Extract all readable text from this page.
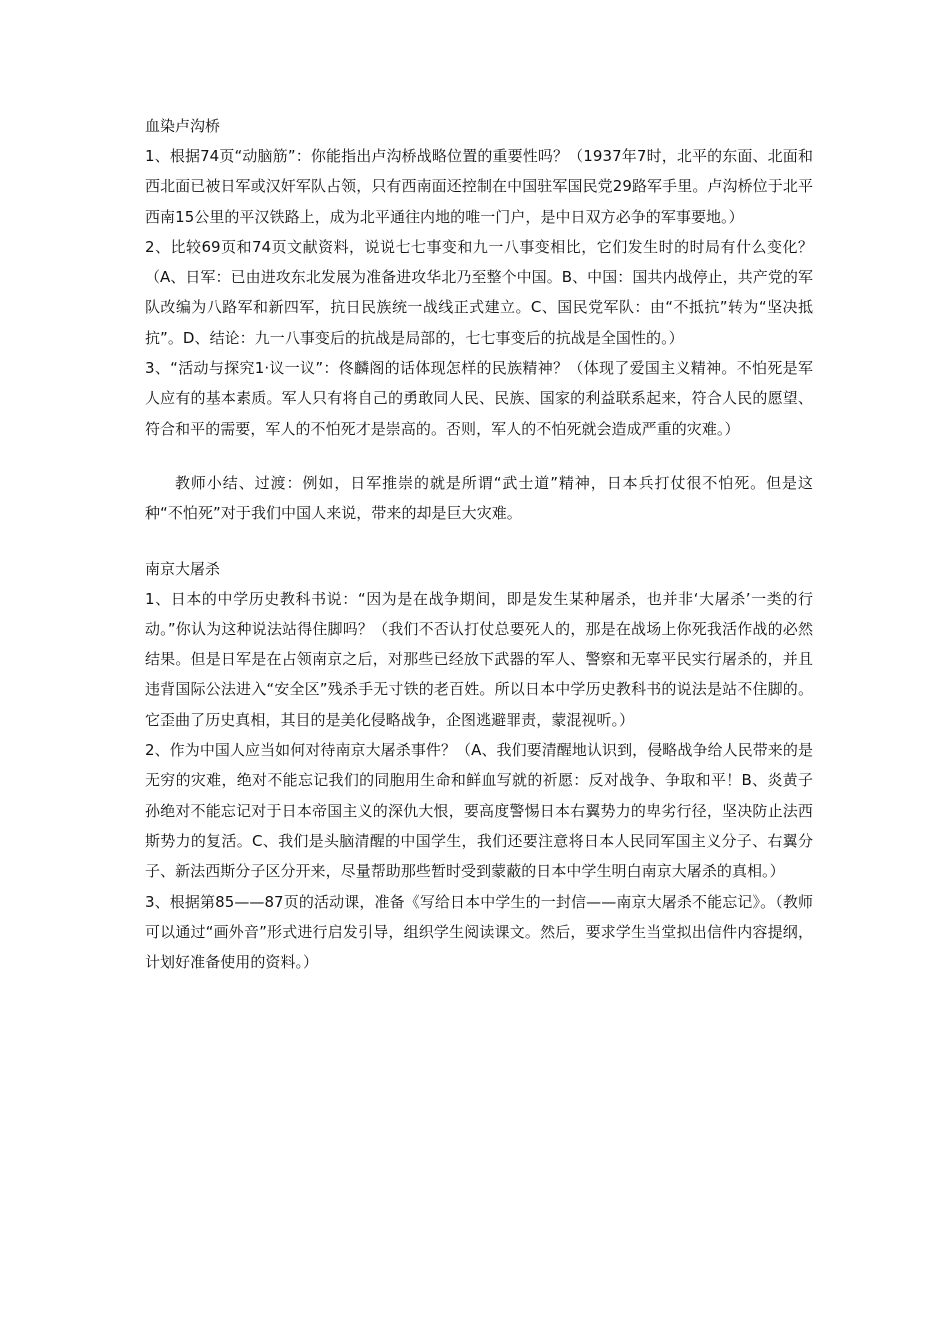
血染卢沟桥

1、根据74页“动脑筋”：你能指出卢沟桥战略位置的重要性吗？（1937年7时，北平的东面、北面和西北面已被日军或汉奸军队占领，只有西南面还控制在中国驻军国民党29路军手里。卢沟桥位于北平西南15公里的平汉铁路上，成为北平通往内地的唯一门户，是中日双方必争的军事要地。）

2、比较69页和74页文献资料，说说七七事变和九一八事变相比，它们发生时的时局有什么变化？（A、日军：已由进攻东北发展为准备进攻华北乃至整个中国。B、中国：国共内战停止，共产党的军队改编为八路军和新四军，抗日民族统一战线正式建立。C、国民党军队：由“不抵抗”转为“坚决抵抗”。D、结论：九一八事变后的抗战是局部的，七七事变后的抗战是全国性的。）

3、“活动与探究1·议一议”：佟麟阁的话体现怎样的民族精神？（体现了爱国主义精神。不怕死是军人应有的基本素质。军人只有将自己的勇敢同人民、民族、国家的利益联系起来，符合人民的愿望、符合和平的需要，军人的不怕死才是崇高的。否则，军人的不怕死就会造成严重的灾难。）

教师小结、过渡：例如，日军推崇的就是所谓“武士道”精神，日本兵打仗很不怕死。但是这种“不怕死”对于我们中国人来说，带来的却是巨大灾难。

南京大屠杀

1、日本的中学历史教科书说：“因为是在战争期间，即是发生某种屠杀，也并非‘大屠杀’一类的行动。”你认为这种说法站得住脚吗？（我们不否认打仗总要死人的，那是在战场上你死我活作战的必然结果。但是日军是在占领南京之后，对那些已经放下武器的军人、警察和无辜平民实行屠杀的，并且违背国际公法进入“安全区”残杀手无寸铁的老百姓。所以日本中学历史教科书的说法是站不住脚的。它歪曲了历史真相，其目的是美化侵略战争，企图逃避罪责，蒙混视听。）

2、作为中国人应当如何对待南京大屠杀事件？（A、我们要清醒地认识到，侵略战争给人民带来的是无穷的灾难，绝对不能忘记我们的同胞用生命和鲜血写就的祈愿：反对战争、争取和平！B、炎黄子孙绝对不能忘记对于日本帝国主义的深仇大恨，要高度警惕日本右翼势力的卑劣行径，坚决防止法西斯势力的复活。C、我们是头脑清醒的中国学生，我们还要注意将日本人民同军国主义分子、右翼分子、新法西斯分子区分开来，尽量帮助那些暂时受到蒙蔽的日本中学生明白南京大屠杀的真相。）

3、根据第85——87页的活动课，准备《写给日本中学生的一封信——南京大屠杀不能忘记》。（教师可以通过“画外音”形式进行启发引导，组织学生阅读课文。然后，要求学生当堂拟出信件内容提纲，计划好准备使用的资料。）
